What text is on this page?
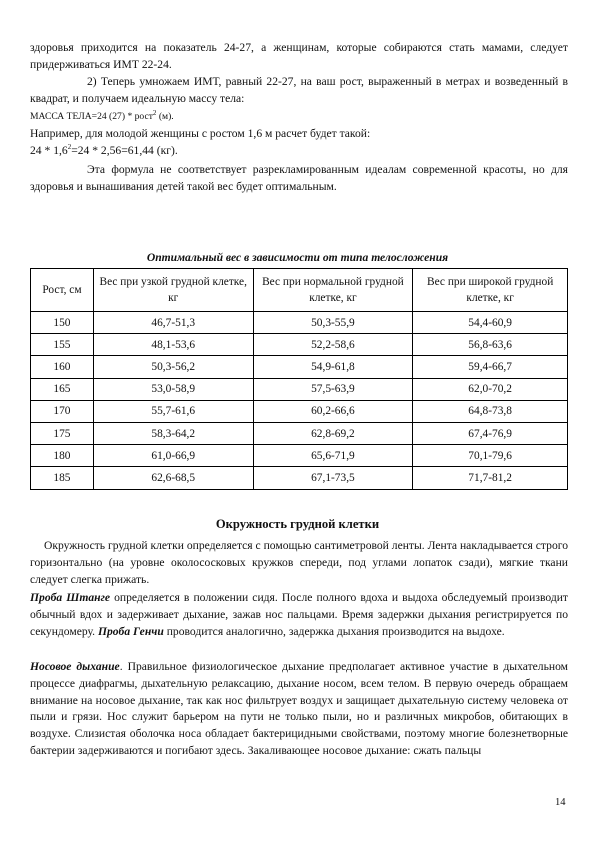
здоровья приходится на показатель 24-27, а женщинам, которые собираются стать мамами, следует придерживаться ИМТ 22-24.

2) Теперь умножаем ИМТ, равный 22-27, на ваш рост, выраженный в метрах и возведенный в квадрат, и получаем идеальную массу тела:

МАССА ТЕЛА=24 (27) * рост$^2$ (м).

Например, для молодой женщины с ростом 1,6 м расчет будет такой:

$24 * 1,6^2=24 * 2,56=61,44$ (кг).

Эта формула не соответствует разрекламированным идеалам современной красоты, но для здоровья и вынашивания детей такой вес будет оптимальным.

Оптимальный вес в зависимости от типа телосложения
Рост, см	Вес при узкой грудной клетке, кг	Вес при нормальной грудной клетке, кг	Вес при широкой грудной клетке, кг
150	46,7-51,3	50,3-55,9	54,4-60,9
155	48,1-53,6	52,2-58,6	56,8-63,6
160	50,3-56,2	54,9-61,8	59,4-66,7
165	53,0-58,9	57,5-63,9	62,0-70,2
170	55,7-61,6	60,2-66,6	64,8-73,8
175	58,3-64,2	62,8-69,2	67,4-76,9
180	61,0-66,9	65,6-71,9	70,1-79,6
185	62,6-68,5	67,1-73,5	71,7-81,2
Окружность грудной клетки

Окружность грудной клетки определяется с помощью сантиметровой ленты. Лента накладывается строго горизонтально (на уровне околососковых кружков спереди, под углами лопаток сзади), мягкие ткани следует слегка прижать.

Проба Штанге определяется в положении сидя. После полного вдоха и выдоха обследуемый производит обычный вдох и задерживает дыхание, зажав нос пальцами. Время задержки дыхания регистрируется по секундомеру. Проба Генчи проводится аналогично, задержка дыхания производится на выдохе.

Носовое дыхание. Правильное физиологическое дыхание предполагает активное участие в дыхательном процессе диафрагмы, дыхательную релаксацию, дыхание носом, всем телом. В первую очередь обращаем внимание на носовое дыхание, так как нос фильтрует воздух и защищает дыхательную систему человека от пыли и грязи. Нос служит барьером на пути не только пыли, но и различных микробов, обитающих в воздухе. Слизистая оболочка носа обладает бактерицидными свойствами, поэтому многие болезнетворные бактерии задерживаются и погибают здесь. Закаливающее носовое дыхание: сжать пальцы

14
